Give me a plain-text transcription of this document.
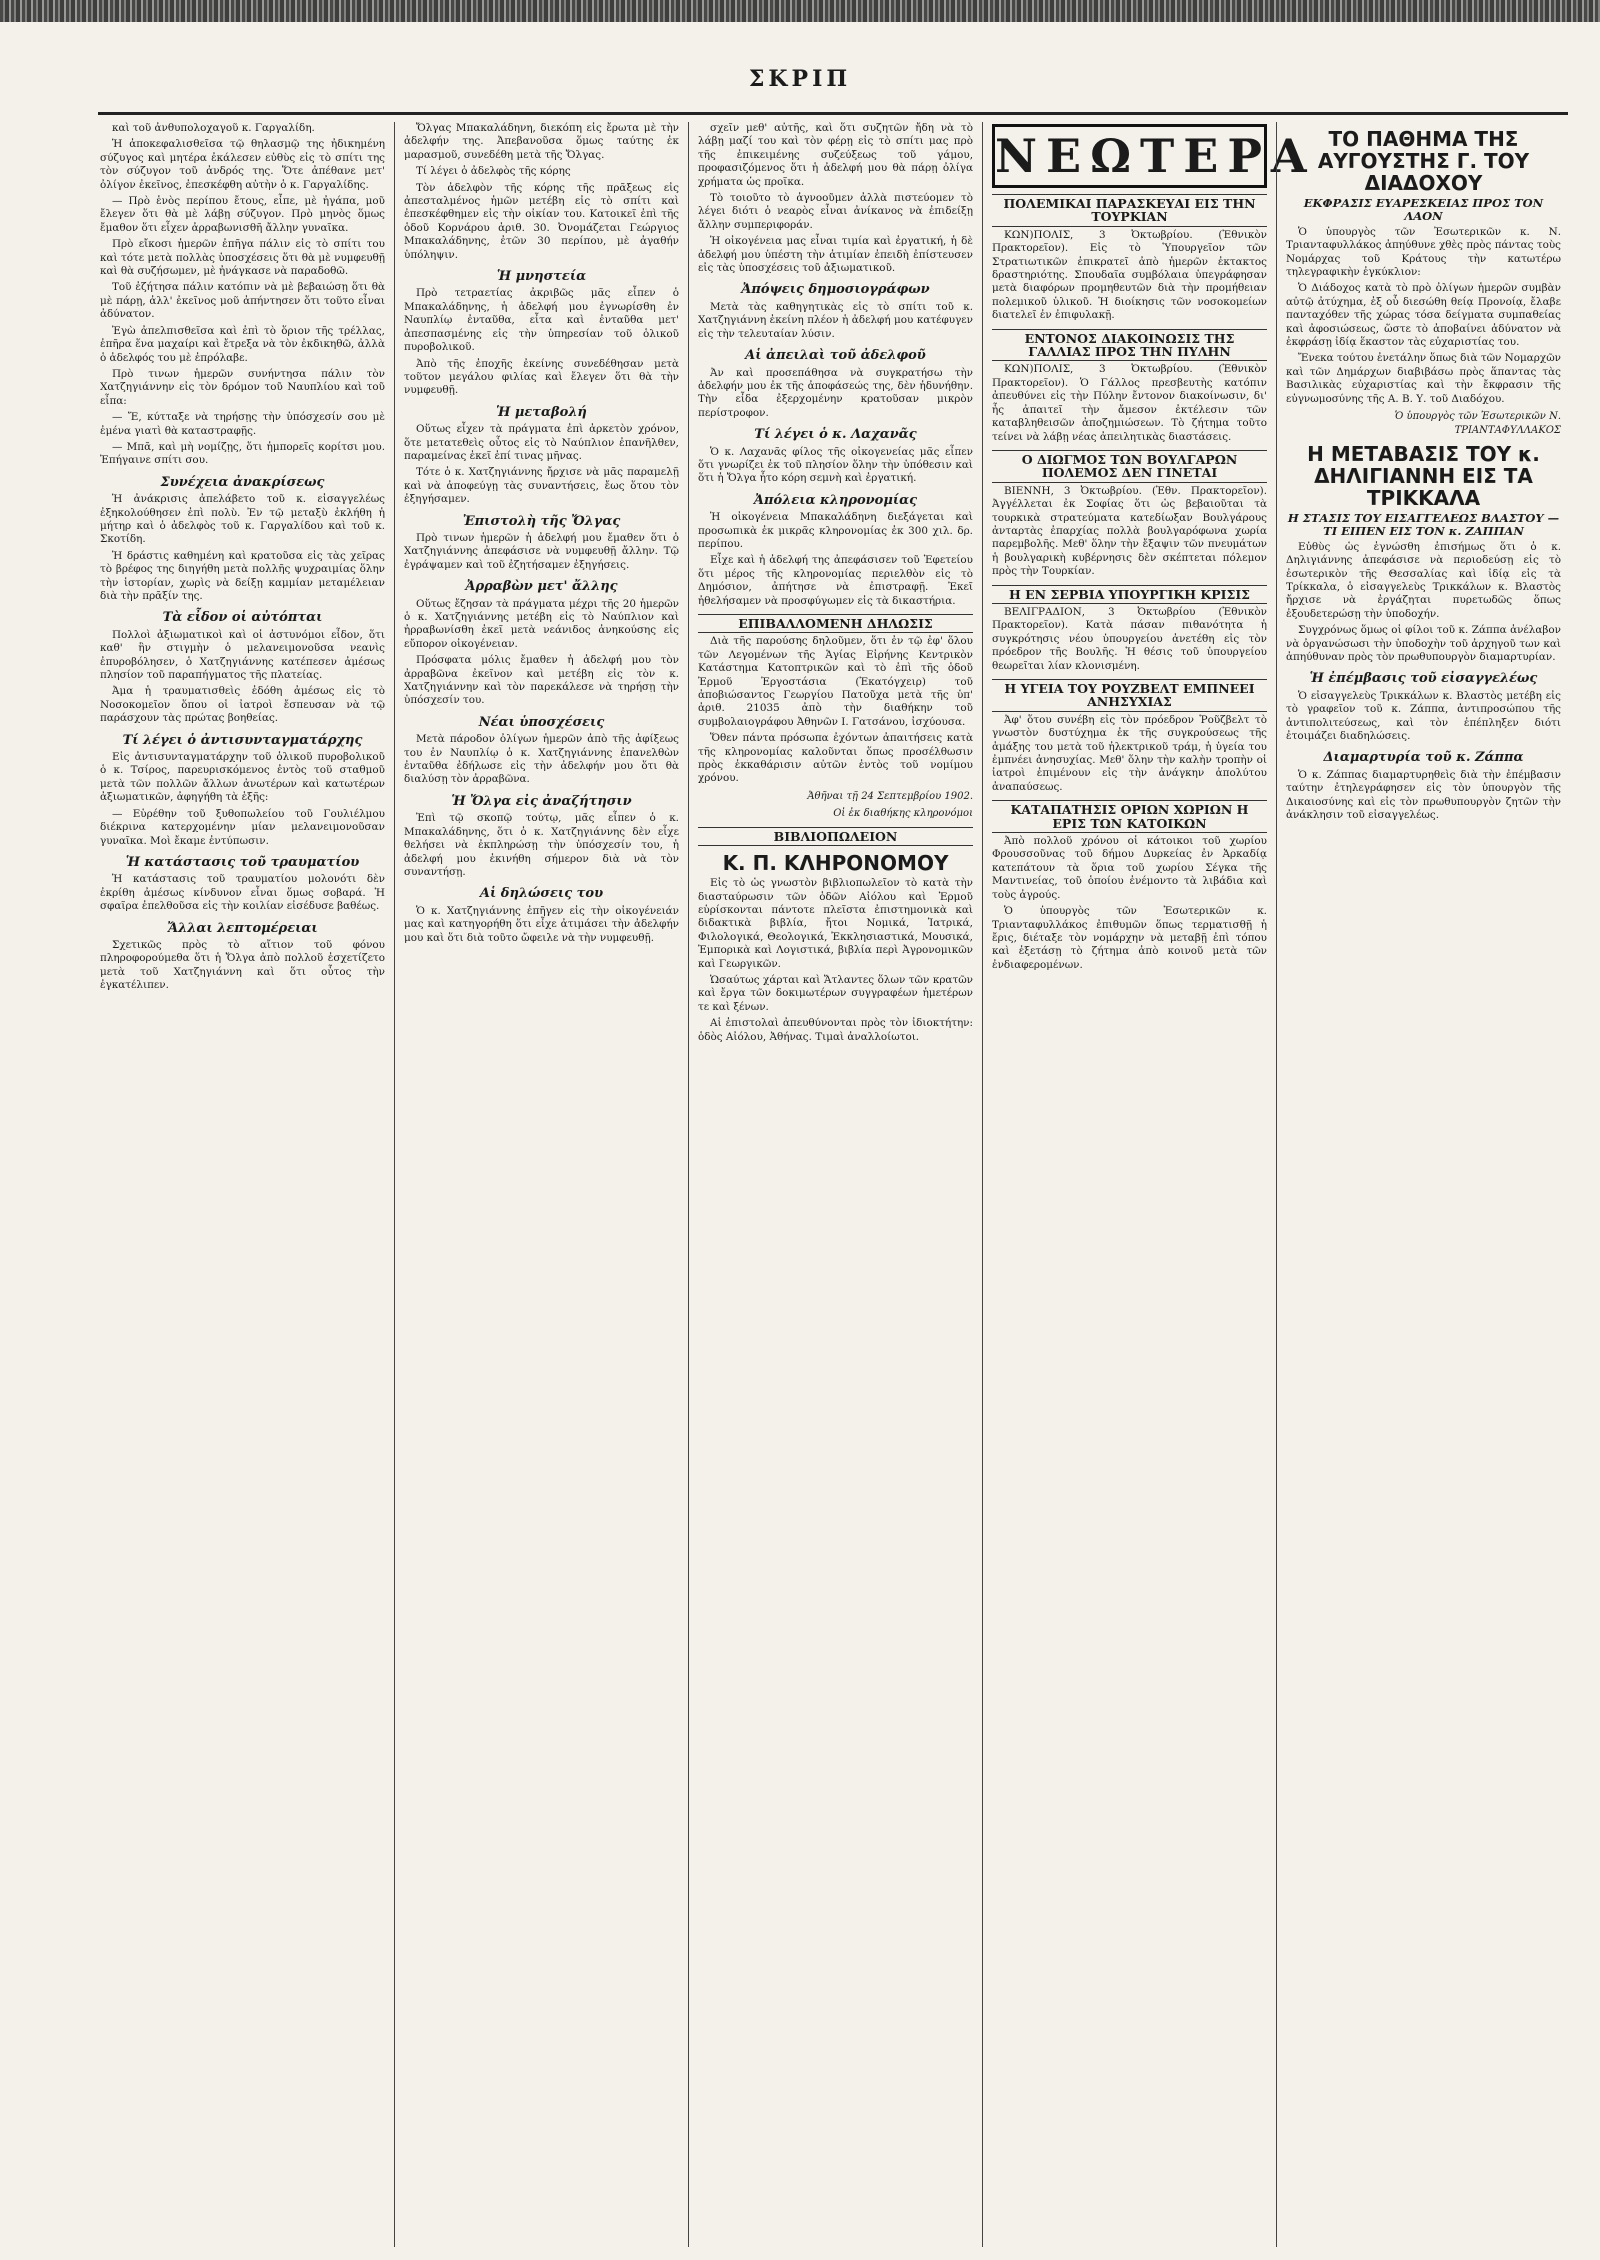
ΣΚΡΙΠ

καὶ τοῦ ἀνθυπολοχαγοῦ κ. Γαργαλίδη.

Ἡ ἀποκεφαλισθεῖσα τῷ θηλασμῷ της ἠδικημένη σύζυγος καὶ μητέρα ἐκάλεσεν εὐθὺς εἰς τὸ σπίτι της τὸν σύζυγον τοῦ ἀνδρός της. Ὅτε ἀπέθανε μετ' ὀλίγον ἐκεῖνος, ἐπεσκέφθη αὐτὴν ὁ κ. Γαργαλίδης.

— Πρὸ ἑνὸς περίπου ἔτους, εἶπε, μὲ ἠγάπα, μοῦ ἔλεγεν ὅτι θὰ μὲ λάβῃ σύζυγον. Πρὸ μηνὸς ὅμως ἔμαθον ὅτι εἶχεν ἀρραβωνισθῆ ἄλλην γυναῖκα.

Πρὸ εἴκοσι ἡμερῶν ἐπῆγα πάλιν εἰς τὸ σπίτι του καὶ τότε μετὰ πολλὰς ὑποσχέσεις ὅτι θὰ μὲ νυμφευθῇ καὶ θὰ συζήσωμεν, μὲ ἠνάγκασε νὰ παραδοθῶ.

Τοῦ ἐζήτησα πάλιν κατόπιν νὰ μὲ βεβαιώσῃ ὅτι θὰ μὲ πάρῃ, ἀλλ' ἐκεῖνος μοῦ ἀπήντησεν ὅτι τοῦτο εἶναι ἀδύνατον.

Ἐγὼ ἀπελπισθεῖσα καὶ ἐπὶ τὸ ὅριον τῆς τρέλλας, ἐπῆρα ἕνα μαχαίρι καὶ ἔτρεξα νὰ τὸν ἐκδικηθῶ, ἀλλὰ ὁ ἀδελφός του μὲ ἐπρόλαβε.

Πρὸ τινων ἡμερῶν συνήντησα πάλιν τὸν Χατζηγιάννην εἰς τὸν δρόμον τοῦ Ναυπλίου καὶ τοῦ εἶπα:

— Ἔ, κύτταξε νὰ τηρήσῃς τὴν ὑπόσχεσίν σου μὲ ἐμένα γιατὶ θὰ καταστραφῇς.

— Μπᾶ, καὶ μὴ νομίζῃς, ὅτι ἡμπορεῖς κορίτσι μου. Ἐπήγαινε σπίτι σου.

Συνέχεια ἀνακρίσεως

Ἡ ἀνάκρισις ἀπελάβετο τοῦ κ. εἰσαγγελέως ἐξηκολούθησεν ἐπὶ πολὺ. Ἐν τῷ μεταξὺ ἐκλήθη ἡ μήτηρ καὶ ὁ ἀδελφὸς τοῦ κ. Γαργαλίδου καὶ τοῦ κ. Σκοτίδη.

Ἡ δράστις καθημένη καὶ κρατοῦσα εἰς τὰς χεῖρας τὸ βρέφος της διηγήθη μετὰ πολλῆς ψυχραιμίας ὅλην τὴν ἱστορίαν, χωρὶς νὰ δείξῃ καμμίαν μεταμέλειαν διὰ τὴν πρᾶξίν της.

Τὰ εἶδον οἱ αὐτόπται

Πολλοὶ ἀξιωματικοὶ καὶ οἱ ἀστυνόμοι εἶδον, ὅτι καθ' ἣν στιγμὴν ὁ μελανειμονοῦσα νεανὶς ἐπυροβόλησεν, ὁ Χατζηγιάννης κατέπεσεν ἀμέσως πλησίον τοῦ παραπήγματος τῆς πλατείας.

Ἀμα ἡ τραυματισθεὶς ἐδόθη ἀμέσως εἰς τὸ Νοσοκομεῖον ὅπου οἱ ἰατροὶ ἔσπευσαν νὰ τῷ παράσχουν τὰς πρώτας βοηθείας.

Τί λέγει ὁ ἀντισυνταγματάρχης

Εἰς ἀντισυνταγματάρχην τοῦ ὁλικοῦ πυροβολικοῦ ὁ κ. Τσίρος, παρευρισκόμενος ἐντὸς τοῦ σταθμοῦ μετὰ τῶν πολλῶν ἄλλων ἀνωτέρων καὶ κατωτέρων ἀξιωματικῶν, ἀφηγήθη τὰ ἑξῆς:

— Εὑρέθην τοῦ ξυθοπωλείου τοῦ Γουλιέλμου διέκρινα κατερχομένην μίαν μελανειμονοῦσαν γυναῖκα. Μοὶ ἔκαμε ἐντύπωσιν.

Ἡ κατάστασις τοῦ τραυματίου

Ἡ κατάστασις τοῦ τραυματίου μολονότι δὲν ἐκρίθη ἀμέσως κίνδυνον εἶναι ὅμως σοβαρά. Ἡ σφαῖρα ἐπελθοῦσα εἰς τὴν κοιλίαν εἰσέδυσε βαθέως.

Ἄλλαι λεπτομέρειαι

Σχετικῶς πρὸς τὸ αἴτιον τοῦ φόνου πληροφορούμεθα ὅτι ἡ Ὄλγα ἀπὸ πολλοῦ ἐσχετίζετο μετὰ τοῦ Χατζηγιάννη καὶ ὅτι οὗτος τὴν ἐγκατέλιπεν.

Ὄλγας Μπακαλάδηνη, διεκόπη εἰς ἔρωτα μὲ τὴν ἀδελφήν της. Ἀπεβανοῦσα ὅμως ταύτης ἐκ μαρασμοῦ, συνεδέθη μετὰ τῆς Ὄλγας.

Τί λέγει ὁ ἀδελφὸς τῆς κόρης

Τὸν ἀδελφὸν τῆς κόρης τῆς πρᾶξεως εἰς ἀπεσταλμένος ἡμῶν μετέβη εἰς τὸ σπίτι καὶ ἐπεσκέφθημεν εἰς τὴν οἰκίαν του. Κατοικεῖ ἐπὶ τῆς ὁδοῦ Κορνάρου ἀριθ. 30. Ὀνομάζεται Γεώργιος Μπακαλάδηνης, ἐτῶν 30 περίπου, μὲ ἀγαθήν ὑπόληψιν.

Ἡ μνηστεία

Πρὸ τετραετίας ἀκριβῶς μᾶς εἶπεν ὁ Μπακαλάδηνης, ἡ ἀδελφή μου ἐγνωρίσθη ἐν Ναυπλίῳ ἐνταῦθα, εἶτα καὶ ἐνταῦθα μετ' ἀπεσπασμένης εἰς τὴν ὑπηρεσίαν τοῦ ὁλικοῦ πυροβολικοῦ.

Ἀπὸ τῆς ἐποχῆς ἐκείνης συνεδέθησαν μετὰ τοῦτον μεγάλου φιλίας καὶ ἔλεγεν ὅτι θὰ τὴν νυμφευθῇ.

Ἡ μεταβολή

Οὕτως εἶχεν τὰ πράγματα ἐπὶ ἀρκετὸν χρόνον, ὅτε μετατεθεὶς οὗτος εἰς τὸ Ναύπλιον ἐπανῆλθεν, παραμείνας ἐκεῖ ἐπί τινας μῆνας.

Τότε ὁ κ. Χατζηγιάννης ἤρχισε νὰ μᾶς παραμελῇ καὶ νὰ ἀποφεύγῃ τὰς συναντήσεις, ἔως ὅτου τὸν ἐξηγήσαμεν.

Ἐπιστολὴ τῆς Ὄλγας

Πρὸ τινων ἡμερῶν ἡ ἀδελφή μου ἔμαθεν ὅτι ὁ Χατζηγιάννης ἀπεφάσισε νὰ νυμφευθῇ ἄλλην. Τῷ ἐγράψαμεν καὶ τοῦ ἐζητήσαμεν ἐξηγήσεις.

Ἀρραβὼν μετ' ἄλλης

Οὕτως ἔζησαν τὰ πράγματα μέχρι τῆς 20 ἡμερῶν ὁ κ. Χατζηγιάννης μετέβη εἰς τὸ Ναύπλιον καὶ ἠρραβωνίσθη ἐκεῖ μετὰ νεάνιδος ἀνηκούσης εἰς εὔπορον οἰκογένειαν.

Πρόσφατα μόλις ἔμαθεν ἡ ἀδελφή μου τὸν ἀρραβῶνα ἐκεῖνον καὶ μετέβη εἰς τὸν κ. Χατζηγιάννην καὶ τὸν παρεκάλεσε νὰ τηρήσῃ τὴν ὑπόσχεσίν του.

Νέαι ὑποσχέσεις

Μετὰ πάροδον ὀλίγων ἡμερῶν ἀπὸ τῆς ἀφίξεως του ἐν Ναυπλίῳ ὁ κ. Χατζηγιάννης ἐπανελθὼν ἐνταῦθα ἐδήλωσε εἰς τὴν ἀδελφήν μου ὅτι θὰ διαλύσῃ τὸν ἀρραβῶνα.

Ἡ Ὄλγα εἰς ἀναζήτησιν

Ἐπὶ τῷ σκοπῷ τούτῳ, μᾶς εἶπεν ὁ κ. Μπακαλάδηνης, ὅτι ὁ κ. Χατζηγιάννης δὲν εἶχε θελήσει νὰ ἐκπληρώσῃ τὴν ὑπόσχεσίν του, ἡ ἀδελφή μου ἐκινήθη σήμερον διὰ νὰ τὸν συναντήσῃ.

Αἱ δηλώσεις του

Ὁ κ. Χατζηγιάννης ἐπῆγεν εἰς τὴν οἰκογένειάν μας καὶ κατηγορήθη ὅτι εἶχε ἀτιμάσει τὴν ἀδελφήν μου καὶ ὅτι διὰ τοῦτο ὤφειλε νὰ τὴν νυμφευθῇ.

σχεῖν μεθ' αὐτῆς, καὶ ὅτι συζητῶν ἤδη νὰ τὸ λάβῃ μαζί του καὶ τὸν φέρῃ εἰς τὸ σπίτι μας πρὸ τῆς ἐπικειμένης συζεύξεως τοῦ γάμου, προφασιζόμενος ὅτι ἡ ἀδελφή μου θὰ πάρῃ ὀλίγα χρήματα ὡς προῖκα.

Τὸ τοιοῦτο τὸ ἀγνοοῦμεν ἀλλὰ πιστεύομεν τὸ λέγει διότι ὁ νεαρὸς εἶναι ἀνίκανος νὰ ἐπιδείξῃ ἄλλην συμπεριφοράν.

Ἡ οἰκογένεια μας εἶναι τιμία καὶ ἐργατική, ἡ δὲ ἀδελφή μου ὑπέστη τὴν ἀτιμίαν ἐπειδὴ ἐπίστευσεν εἰς τὰς ὑποσχέσεις τοῦ ἀξιωματικοῦ.

Ἀπόψεις δημοσιογράφων

Μετὰ τὰς καθηγητικὰς εἰς τὸ σπίτι τοῦ κ. Χατζηγιάννη ἐκείνη πλέον ἡ ἀδελφή μου κατέφυγεν εἰς τὴν τελευταίαν λύσιν.

Αἱ ἀπειλαὶ τοῦ ἀδελφοῦ

Ἀν καὶ προσεπάθησα νὰ συγκρατήσω τὴν ἀδελφήν μου ἐκ τῆς ἀποφάσεώς της, δὲν ἠδυνήθην. Τὴν εἶδα ἐξερχομένην κρατοῦσαν μικρὸν περίστροφον.

Τί λέγει ὁ κ. Λαχανᾶς

Ὁ κ. Λαχανᾶς φίλος τῆς οἰκογενείας μᾶς εἶπεν ὅτι γνωρίζει ἐκ τοῦ πλησίον ὅλην τὴν ὑπόθεσιν καὶ ὅτι ἡ Ὄλγα ἦτο κόρη σεμνὴ καὶ ἐργατική.

Ἀπόλεια κληρονομίας

Ἡ οἰκογένεια Μπακαλάδηνη διεξάγεται καὶ προσωπικὰ ἐκ μικρᾶς κληρονομίας ἐκ 300 χιλ. δρ. περίπου.

Εἶχε καὶ ἡ ἀδελφή της ἀπεφάσισεν τοῦ Ἐφετείου ὅτι μέρος τῆς κληρονομίας περιελθὸν εἰς τὸ Δημόσιον, ἀπήτησε νὰ ἐπιστραφῇ. Ἐκεῖ ἠθελήσαμεν νὰ προσφύγωμεν εἰς τὰ δικαστήρια.

ΕΠΙΒΑΛΛΟΜΕΝΗ ΔΗΛΩΣΙΣ

Διὰ τῆς παρούσης δηλοῦμεν, ὅτι ἐν τῷ ἐφ' ὅλου τῶν Λεγομένων τῆς Ἁγίας Εἰρήνης Κεντρικὸν Κατάστημα Κατοπτρικῶν καὶ τὸ ἐπὶ τῆς ὁδοῦ Ἐρμοῦ Ἐργοστάσια (Ἐκατόγχειρ) τοῦ ἀποβιώσαντος Γεωργίου Πατοῦχα μετὰ τῆς ὑπ' ἀριθ. 21035 ἀπὸ τὴν διαθήκην τοῦ συμβολαιογράφου Ἀθηνῶν Ι. Γατσάνου, ἰσχύουσα.

Ὅθεν πάντα πρόσωπα ἐχόντων ἀπαιτήσεις κατὰ τῆς κληρονομίας καλοῦνται ὅπως προσέλθωσιν πρὸς ἐκκαθάρισιν αὐτῶν ἐντὸς τοῦ νομίμου χρόνου.

Ἀθῆναι τῇ 24 Σεπτεμβρίου 1902.
Οἱ ἐκ διαθήκης κληρονόμοι
ΒΙΒΛΙΟΠΩΛΕΙΟΝ
Κ. Π. ΚΛΗΡΟΝΟΜΟΥ

Εἰς τὸ ὡς γνωστὸν βιβλιοπωλεῖον τὸ κατὰ τὴν διασταύρωσιν τῶν ὁδῶν Αἰόλου καὶ Ἑρμοῦ εὑρίσκονται πάντοτε πλεῖστα ἐπιστημονικὰ καὶ διδακτικὰ βιβλία, ἤτοι Νομικά, Ἰατρικά, Φιλολογικά, Θεολογικά, Ἐκκλησιαστικά, Μουσικά, Ἐμπορικὰ καὶ Λογιστικά, βιβλία περὶ Ἀγρονομικῶν καὶ Γεωργικῶν.

Ὡσαύτως χάρται καὶ Ἄτλαντες ὅλων τῶν κρατῶν καὶ ἔργα τῶν δοκιμωτέρων συγγραφέων ἡμετέρων τε καὶ ξένων.

Αἱ ἐπιστολαὶ ἀπευθύνονται πρὸς τὸν ἰδιοκτήτην: ὁδὸς Αἰόλου, Ἀθήνας. Τιμαὶ ἀναλλοίωτοι.

ΝΕΩΤΕΡΑ
ΠΟΛΕΜΙΚΑΙ ΠΑΡΑΣΚΕΥΑΙ ΕΙΣ ΤΗΝ ΤΟΥΡΚΙΑΝ

ΚΩΝ)ΠΟΛΙΣ, 3 Ὀκτωβρίου. (Ἐθνικὸν Πρακτορεῖον). Εἰς τὸ Ὑπουργεῖον τῶν Στρατιωτικῶν ἐπικρατεῖ ἀπὸ ἡμερῶν ἐκτακτος δραστηριότης. Σπουδαῖα συμβόλαια ὑπεγράφησαν μετὰ διαφόρων προμηθευτῶν διὰ τὴν προμήθειαν πολεμικοῦ ὑλικοῦ. Ἡ διοίκησις τῶν νοσοκομείων διατελεῖ ἐν ἐπιφυλακῇ.

ΕΝΤΟΝΟΣ ΔΙΑΚΟΙΝΩΣΙΣ ΤΗΣ ΓΑΛΛΙΑΣ ΠΡΟΣ ΤΗΝ ΠΥΛΗΝ

ΚΩΝ)ΠΟΛΙΣ, 3 Ὀκτωβρίου. (Ἐθνικὸν Πρακτορεῖον). Ὁ Γάλλος πρεσβευτὴς κατόπιν ἀπευθύνει εἰς τὴν Πύλην ἔντονον διακοίνωσιν, δι' ἧς ἀπαιτεῖ τὴν ἄμεσον ἐκτέλεσιν τῶν καταβληθεισῶν ἀποζημιώσεων. Τὸ ζήτημα τοῦτο τείνει νὰ λάβῃ νέας ἀπειλητικὰς διαστάσεις.

Ο ΔΙΩΓΜΟΣ ΤΩΝ ΒΟΥΛΓΑΡΩΝ ΠΟΛΕΜΟΣ ΔΕΝ ΓΙΝΕΤΑΙ

ΒΙΕΝΝΗ, 3 Ὀκτωβρίου. (Ἐθν. Πρακτορεῖον). Ἀγγέλλεται ἐκ Σοφίας ὅτι ὡς βεβαιοῦται τὰ τουρκικὰ στρατεύματα κατεδίωξαν Βουλγάρους ἀνταρτὰς ἐπαρχίας πολλὰ βουλγαρόφωνα χωρία παρεμβολῆς. Μεθ' ὅλην τὴν ἔξαψιν τῶν πνευμάτων ἡ βουλγαρικὴ κυβέρνησις δὲν σκέπτεται πόλεμον πρὸς τὴν Τουρκίαν.

Η ΕΝ ΣΕΡΒΙΑ ΥΠΟΥΡΓΙΚΗ ΚΡΙΣΙΣ

ΒΕΛΙΓΡΑΔΙΟΝ, 3 Ὀκτωβρίου (Ἐθνικὸν Πρακτορεῖον). Κατὰ πάσαν πιθανότητα ἡ συγκρότησις νέου ὑπουργείου ἀνετέθη εἰς τὸν πρόεδρον τῆς Βουλῆς. Ἡ θέσις τοῦ ὑπουργείου θεωρεῖται λίαν κλονισμένη.

Η ΥΓΕΙΑ ΤΟΥ ΡΟΥΖΒΕΛΤ ΕΜΠΝΕΕΙ ΑΝΗΣΥΧΙΑΣ

Ἀφ' ὅτου συνέβη εἰς τὸν πρόεδρον Ῥοῦζβελτ τὸ γνωστὸν δυστύχημα ἐκ τῆς συγκρούσεως τῆς ἁμάξης του μετὰ τοῦ ἠλεκτρικοῦ τράμ, ἡ ὑγεία του ἐμπνέει ἀνησυχίας. Μεθ' ὅλην τὴν καλὴν τροπὴν οἱ ἰατροὶ ἐπιμένουν εἰς τὴν ἀνάγκην ἀπολύτου ἀναπαύσεως.

ΚΑΤΑΠΑΤΗΣΙΣ ΟΡΙΩΝ ΧΩΡΙΩΝ Η ΕΡΙΣ ΤΩΝ ΚΑΤΟΙΚΩΝ

Ἀπὸ πολλοῦ χρόνου οἱ κάτοικοι τοῦ χωρίου Φρουσσοῦνας τοῦ δήμου Δυρκείας ἐν Ἀρκαδίᾳ κατεπάτουν τὰ ὅρια τοῦ χωρίου Σέγκα τῆς Μαντινείας, τοῦ ὁποίου ἐνέμοντο τὰ λιβάδια καὶ τοὺς ἀγρούς.

Ὁ ὑπουργὸς τῶν Ἐσωτερικῶν κ. Τριανταφυλλάκος ἐπιθυμῶν ὅπως τερματισθῇ ἡ ἔρις, διέταξε τὸν νομάρχην νὰ μεταβῇ ἐπὶ τόπου καὶ ἐξετάσῃ τὸ ζήτημα ἀπὸ κοινοῦ μετὰ τῶν ἐνδιαφερομένων.

ΤΟ ΠΑΘΗΜΑ ΤΗΣ ΑΥΓΟΥΣΤΗΣ Γ. ΤΟΥ ΔΙΑΔΟΧΟΥ
ΕΚΦΡΑΣΙΣ ΕΥΑΡΕΣΚΕΙΑΣ ΠΡΟΣ ΤΟΝ ΛΑΟΝ

Ὁ ὑπουργὸς τῶν Ἐσωτερικῶν κ. Ν. Τριανταφυλλάκος ἀπηύθυνε χθὲς πρὸς πάντας τοὺς Νομάρχας τοῦ Κράτους τὴν κατωτέρω τηλεγραφικὴν ἐγκύκλιον:

Ὁ Διάδοχος κατὰ τὸ πρὸ ὀλίγων ἡμερῶν συμβὰν αὐτῷ ἀτύχημα, ἐξ οὗ διεσώθη θείᾳ Προνοίᾳ, ἔλαβε πανταχόθεν τῆς χώρας τόσα δείγματα συμπαθείας καὶ ἀφοσιώσεως, ὥστε τὸ ἀποβαίνει ἀδύνατον νὰ ἐκφράσῃ ἰδίᾳ ἕκαστον τὰς εὐχαριστίας του.

Ἔνεκα τούτου ἐνετάλην ὅπως διὰ τῶν Νομαρχῶν καὶ τῶν Δημάρχων διαβιβάσω πρὸς ἅπαντας τὰς Βασιλικὰς εὐχαριστίας καὶ τὴν ἔκφρασιν τῆς εὐγνωμοσύνης τῆς Α. Β. Υ. τοῦ Διαδόχου.

Ὁ ὑπουργὸς τῶν Ἐσωτερικῶν Ν. ΤΡΙΑΝΤΑΦΥΛΛΑΚΟΣ
Η ΜΕΤΑΒΑΣΙΣ ΤΟΥ κ. ΔΗΛΙΓΙΑΝΝΗ ΕΙΣ ΤΑ ΤΡΙΚΚΑΛΑ
Η ΣΤΑΣΙΣ ΤΟΥ ΕΙΣΑΓΓΕΛΕΩΣ ΒΛΑΣΤΟΥ — ΤΙ ΕΙΠΕΝ ΕΙΣ ΤΟΝ κ. ΖΑΠΠΑΝ

Εὐθὺς ὡς ἐγνώσθη ἐπισήμως ὅτι ὁ κ. Δηλιγιάννης ἀπεφάσισε νὰ περιοδεύσῃ εἰς τὸ ἐσωτερικὸν τῆς Θεσσαλίας καὶ ἰδίᾳ εἰς τὰ Τρίκκαλα, ὁ εἰσαγγελεὺς Τρικκάλων κ. Βλαστὸς ἤρχισε νὰ ἐργάζηται πυρετωδῶς ὅπως ἐξουδετερώσῃ τὴν ὑποδοχήν.

Συγχρόνως ὅμως οἱ φίλοι τοῦ κ. Ζάππα ἀνέλαβον νὰ ὀργανώσωσι τὴν ὑποδοχὴν τοῦ ἀρχηγοῦ των καὶ ἀπηύθυναν πρὸς τὸν πρωθυπουργὸν διαμαρτυρίαν.

Ἡ ἐπέμβασις τοῦ εἰσαγγελέως

Ὁ εἰσαγγελεὺς Τρικκάλων κ. Βλαστὸς μετέβη εἰς τὸ γραφεῖον τοῦ κ. Ζάππα, ἀντιπροσώπου τῆς ἀντιπολιτεύσεως, καὶ τὸν ἐπέπληξεν διότι ἐτοιμάζει διαδηλώσεις.

Διαμαρτυρία τοῦ κ. Ζάππα

Ὁ κ. Ζάππας διαμαρτυρηθεὶς διὰ τὴν ἐπέμβασιν ταύτην ἐτηλεγράφησεν εἰς τὸν ὑπουργὸν τῆς Δικαιοσύνης καὶ εἰς τὸν πρωθυπουργὸν ζητῶν τὴν ἀνάκλησιν τοῦ εἰσαγγελέως.
